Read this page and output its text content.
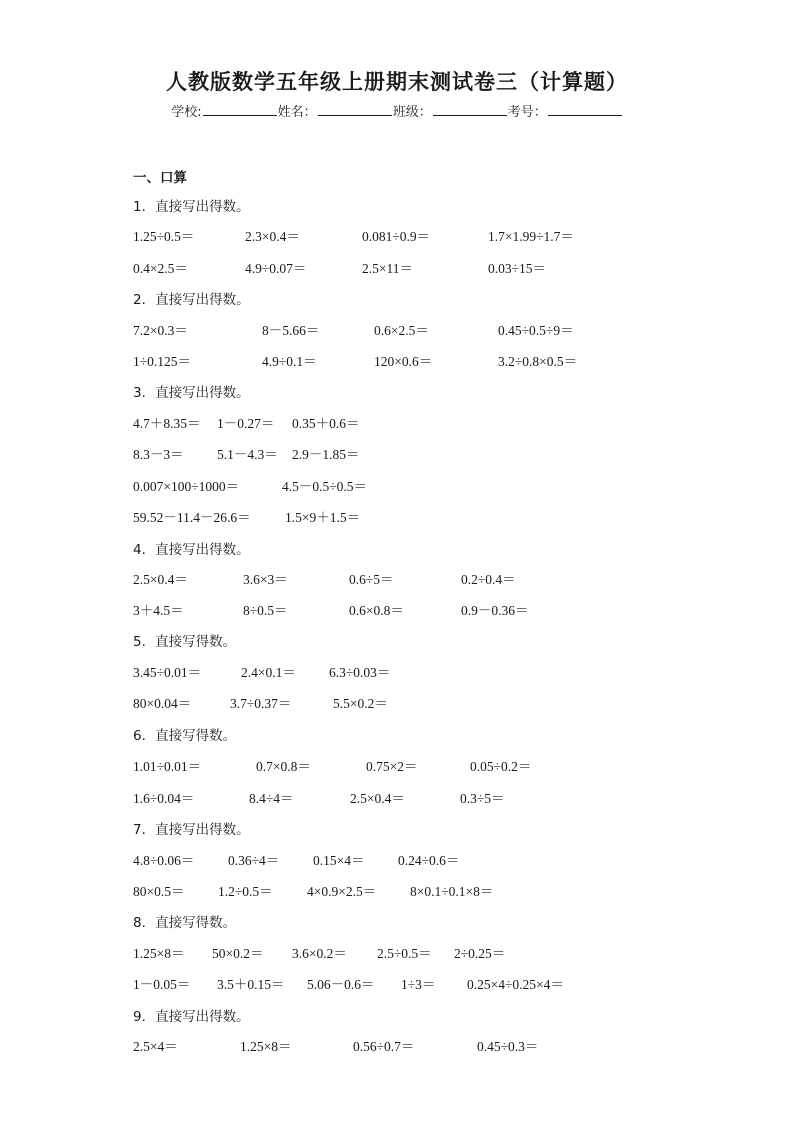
人教版数学五年级上册期末测试卷三（计算题）
学校:	姓名：	班级：	考号：
一、口算
1．直接写出得数。
1.25÷0.5＝	2.3×0.4＝	0.081÷0.9＝	1.7×1.99÷1.7＝
0.4×2.5＝	4.9÷0.07＝	2.5×11＝	0.03÷15＝
2．直接写出得数。
7.2×0.3＝	8－5.66＝	0.6×2.5＝	0.45÷0.5÷9＝
1÷0.125＝	4.9÷0.1＝	120×0.6＝	3.2÷0.8×0.5＝
3．直接写出得数。
4.7＋8.35＝ 1－0.27＝ 0.35＋0.6＝
8.3－3＝ 5.1－4.3＝ 2.9－1.85＝
0.007×100÷1000＝	4.5－0.5÷0.5＝
59.52－11.4－26.6＝	1.5×9＋1.5＝
4．直接写出得数。
2.5×0.4＝	3.6×3＝	0.6÷5＝	0.2÷0.4＝
3＋4.5＝	8÷0.5＝	0.6×0.8＝	0.9－0.36＝
5．直接写得数。
3.45÷0.01＝	2.4×0.1＝ 6.3÷0.03＝
80×0.04＝	3.7÷0.37＝	5.5×0.2＝
6．直接写得数。
1.01÷0.01＝	0.7×0.8＝	0.75×2＝	0.05÷0.2＝
1.6÷0.04＝	8.4÷4＝	2.5×0.4＝	0.3÷5＝
7．直接写出得数。
4.8÷0.06＝ 0.36÷4＝ 0.15×4＝ 0.24÷0.6＝
80×0.5＝ 1.2÷0.5＝	4×0.9×2.5＝	8×0.1÷0.1×8＝
8．直接写得数。
1.25×8＝ 50×0.2＝ 3.6×0.2＝ 2.5÷0.5＝ 2÷0.25＝
1－0.05＝ 3.5＋0.15＝ 5.06－0.6＝ 1÷3＝ 0.25×4÷0.25×4＝
9．直接写出得数。
2.5×4＝	1.25×8＝	0.56÷0.7＝	0.45÷0.3＝
